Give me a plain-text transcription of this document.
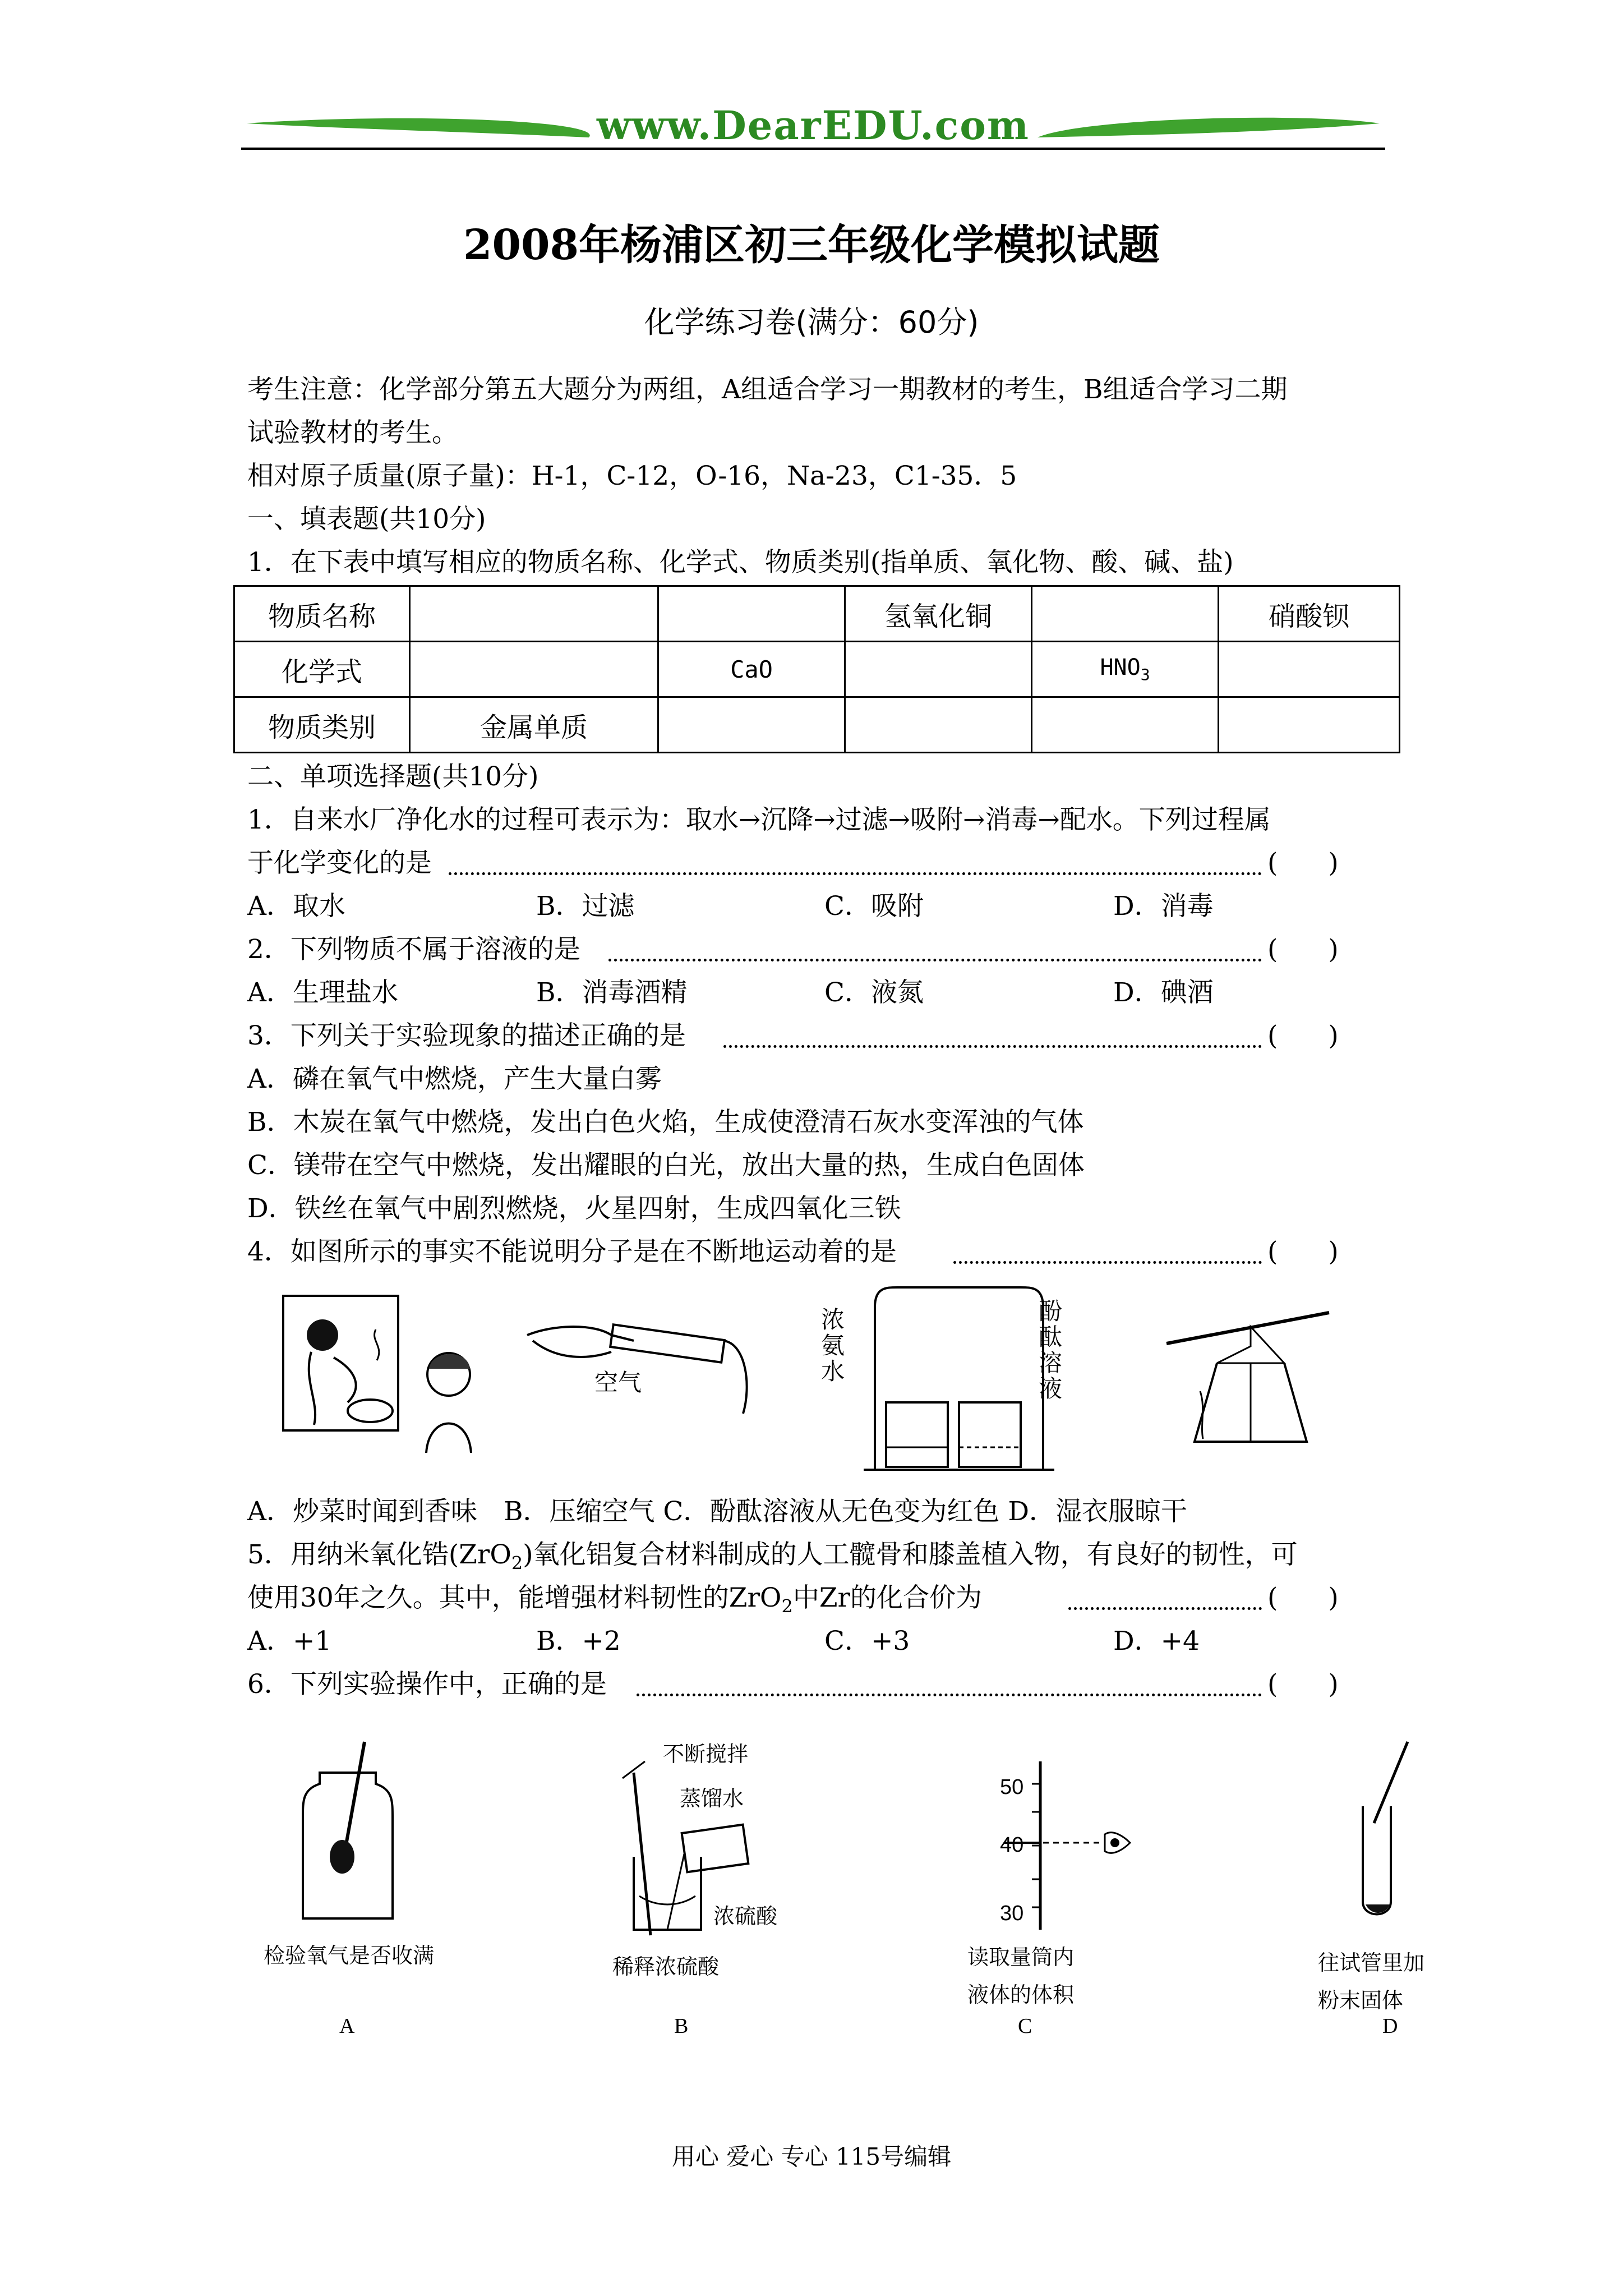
www.DearEDU.com
2008年杨浦区初三年级化学模拟试题
化学练习卷(满分：60分)
考生注意：化学部分第五大题分为两组，A组适合学习一期教材的考生，B组适合学习二期
试验教材的考生。
相对原子质量(原子量)：H-1，C-12，O-16，Na-23，C1-35．5
一、填表题(共10分)
1．在下表中填写相应的物质名称、化学式、物质类别(指单质、氧化物、酸、碱、盐)
物质名称			氢氧化铜		硝酸钡
化学式		CaO		$HNO_3$	
物质类别	金属单质				
二、单项选择题(共10分)
1．自来水厂净化水的过程可表示为：取水→沉降→过滤→吸附→消毒→配水。下列过程属
于化学变化的是	( )
A．取水	B．过滤	C．吸附	D．消毒
2．下列物质不属于溶液的是	( )
A．生理盐水	B．消毒酒精	C．液氮	D．碘酒
3．下列关于实验现象的描述正确的是	( )
A．磷在氧气中燃烧，产生大量白雾
B．木炭在氧气中燃烧，发出白色火焰，生成使澄清石灰水变浑浊的气体
C．镁带在空气中燃烧，发出耀眼的白光，放出大量的热，生成白色固体
D．铁丝在氧气中剧烈燃烧，火星四射，生成四氧化三铁
4．如图所示的事实不能说明分子是在不断地运动着的是	( )
空气
浓
氨
水
酚
酞
溶
液
A．炒菜时闻到香味　B．压缩空气 C．酚酞溶液从无色变为红色 D．湿衣服晾干
5．用纳米氧化锆(ZrO$_2$)氧化铝复合材料制成的人工髋骨和膝盖植入物，有良好的韧性，可
使用30年之久。其中，能增强材料韧性的ZrO$_2$中Zr的化合价为	( )
A．+1	B．+2	C．+3	D．+4
6．下列实验操作中，正确的是	( )
检验氧气是否收满
A
不断搅拌
蒸馏水
浓硫酸
稀释浓硫酸
B
50
40
30
读取量筒内
液体的体积
C
往试管里加
粉末固体
D
用心 爱心 专心 115号编辑
